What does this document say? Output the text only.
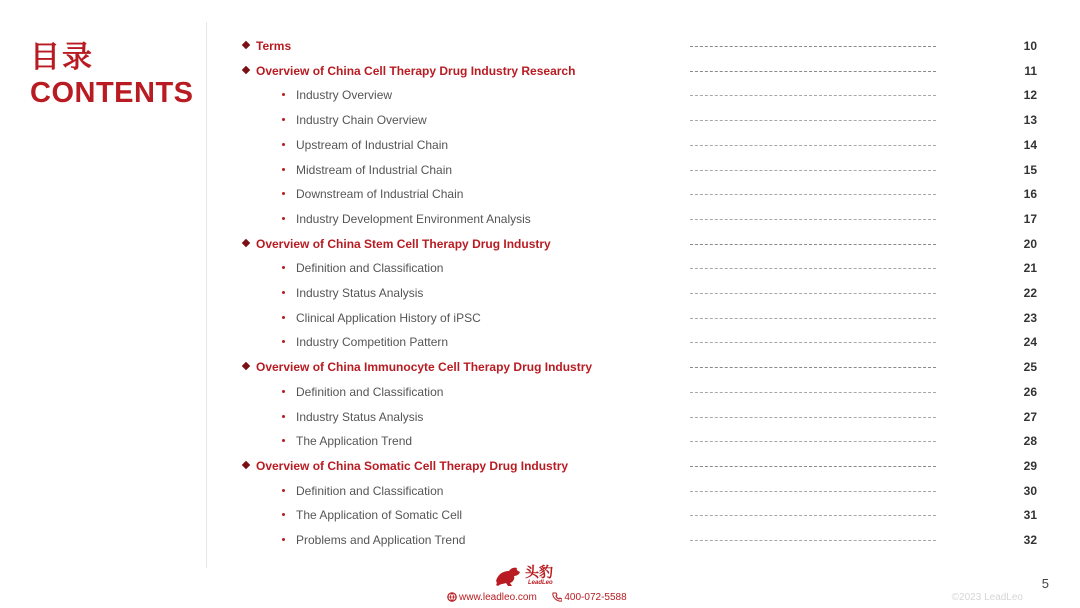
目录
CONTENTS
Terms	10
Overview of China Cell Therapy Drug Industry Research	11
Industry Overview	12
Industry Chain Overview	13
Upstream of Industrial Chain	14
Midstream of Industrial Chain	15
Downstream of Industrial Chain	16
Industry Development Environment Analysis	17
Overview of China Stem Cell Therapy Drug Industry	20
Definition and Classification	21
Industry Status Analysis	22
Clinical Application History of iPSC	23
Industry Competition Pattern	24
Overview of China Immunocyte Cell Therapy Drug Industry	25
Definition and Classification	26
Industry Status Analysis	27
The Application Trend	28
Overview of China Somatic Cell Therapy Drug Industry	29
Definition and Classification	30
The Application of Somatic Cell	31
Problems and Application Trend	32
头豹
LeadLeo
www.leadleo.com	400-072-5588	©2023 LeadLeo
5
